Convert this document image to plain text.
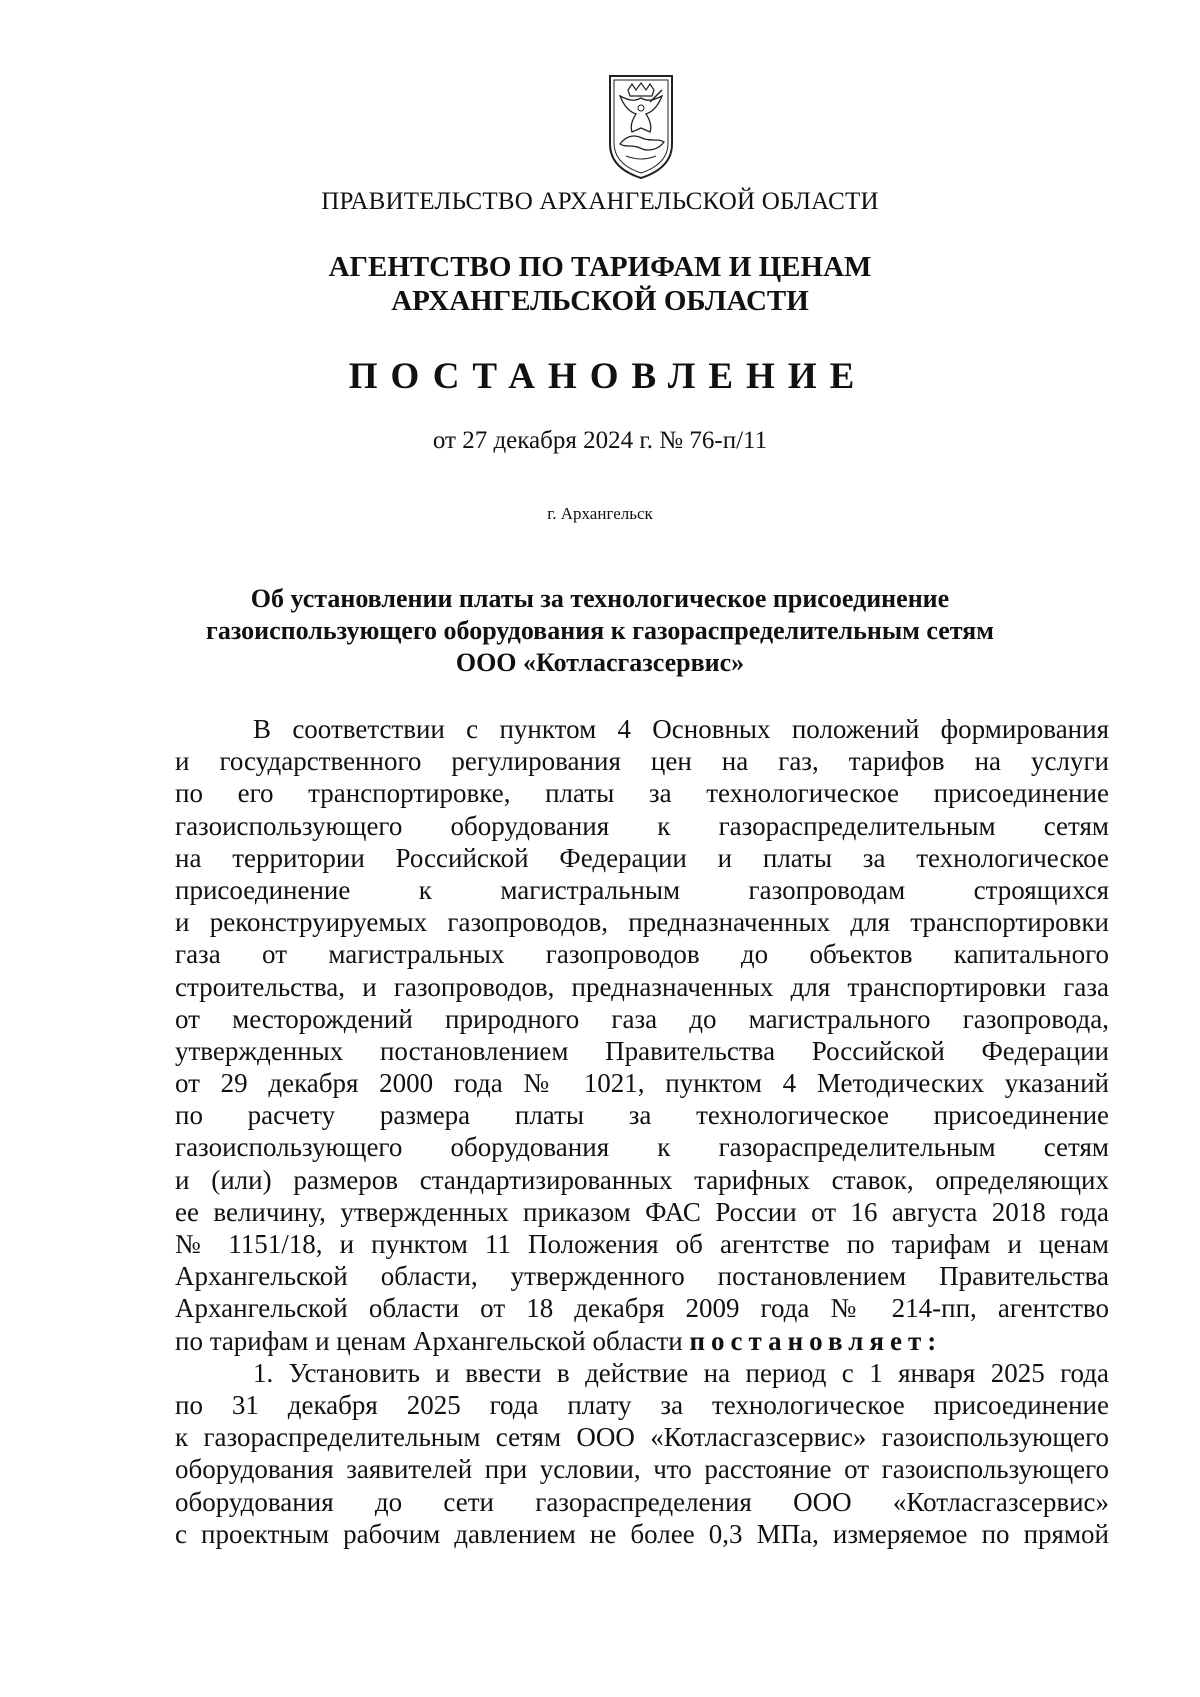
ПРАВИТЕЛЬСТВО АРХАНГЕЛЬСКОЙ ОБЛАСТИ
АГЕНТСТВО ПО ТАРИФАМ И ЦЕНАМ
АРХАНГЕЛЬСКОЙ ОБЛАСТИ
ПОСТАНОВЛЕНИЕ
от 27 декабря 2024 г. № 76-п/11
г. Архангельск
Об установлении платы за технологическое присоединение
газоиспользующего оборудования к газораспределительным сетям
ООО «Котласгазсервис»
В соответствии с пунктом 4 Основных положений формирования
и государственного регулирования цен на газ, тарифов на услуги
по его транспортировке, платы за технологическое присоединение
газоиспользующего оборудования к газораспределительным сетям
на территории Российской Федерации и платы за технологическое
присоединение к магистральным газопроводам строящихся
и реконструируемых газопроводов, предназначенных для транспортировки
газа от магистральных газопроводов до объектов капитального
строительства, и газопроводов, предназначенных для транспортировки газа
от месторождений природного газа до магистрального газопровода,
утвержденных постановлением Правительства Российской Федерации
от 29 декабря 2000 года № 1021, пунктом 4 Методических указаний
по расчету размера платы за технологическое присоединение
газоиспользующего оборудования к газораспределительным сетям
и (или) размеров стандартизированных тарифных ставок, определяющих
ее величину, утвержденных приказом ФАС России от 16 августа 2018 года
№ 1151/18, и пунктом 11 Положения об агентстве по тарифам и ценам
Архангельской области, утвержденного постановлением Правительства
Архангельской области от 18 декабря 2009 года № 214-пп, агентство
по тарифам и ценам Архангельской области постановляет:
1. Установить и ввести в действие на период с 1 января 2025 года
по 31 декабря 2025 года плату за технологическое присоединение
к газораспределительным сетям ООО «Котласгазсервис» газоиспользующего
оборудования заявителей при условии, что расстояние от газоиспользующего
оборудования до сети газораспределения ООО «Котласгазсервис»
с проектным рабочим давлением не более 0,3 МПа, измеряемое по прямой
